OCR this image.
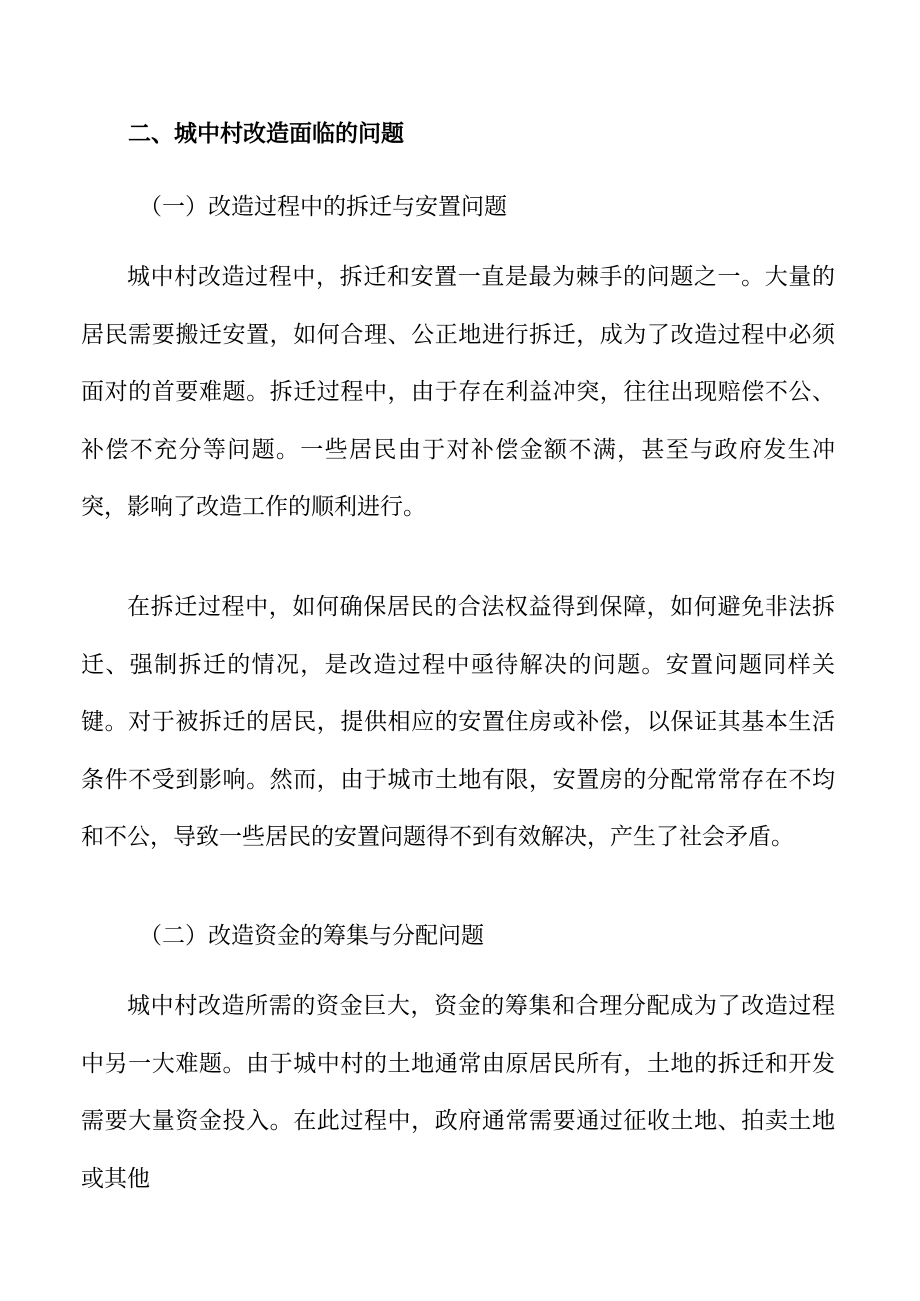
二、城中村改造面临的问题
（一）改造过程中的拆迁与安置问题

城中村改造过程中，拆迁和安置一直是最为棘手的问题之一。大量的居民需要搬迁安置，如何合理、公正地进行拆迁，成为了改造过程中必须面对的首要难题。拆迁过程中，由于存在利益冲突，往往出现赔偿不公、补偿不充分等问题。一些居民由于对补偿金额不满，甚至与政府发生冲突，影响了改造工作的顺利进行。

在拆迁过程中，如何确保居民的合法权益得到保障，如何避免非法拆迁、强制拆迁的情况，是改造过程中亟待解决的问题。安置问题同样关键。对于被拆迁的居民，提供相应的安置住房或补偿，以保证其基本生活条件不受到影响。然而，由于城市土地有限，安置房的分配常常存在不均和不公，导致一些居民的安置问题得不到有效解决，产生了社会矛盾。

（二）改造资金的筹集与分配问题

城中村改造所需的资金巨大，资金的筹集和合理分配成为了改造过程中另一大难题。由于城中村的土地通常由原居民所有，土地的拆迁和开发需要大量资金投入。在此过程中，政府通常需要通过征收土地、拍卖土地或其他
